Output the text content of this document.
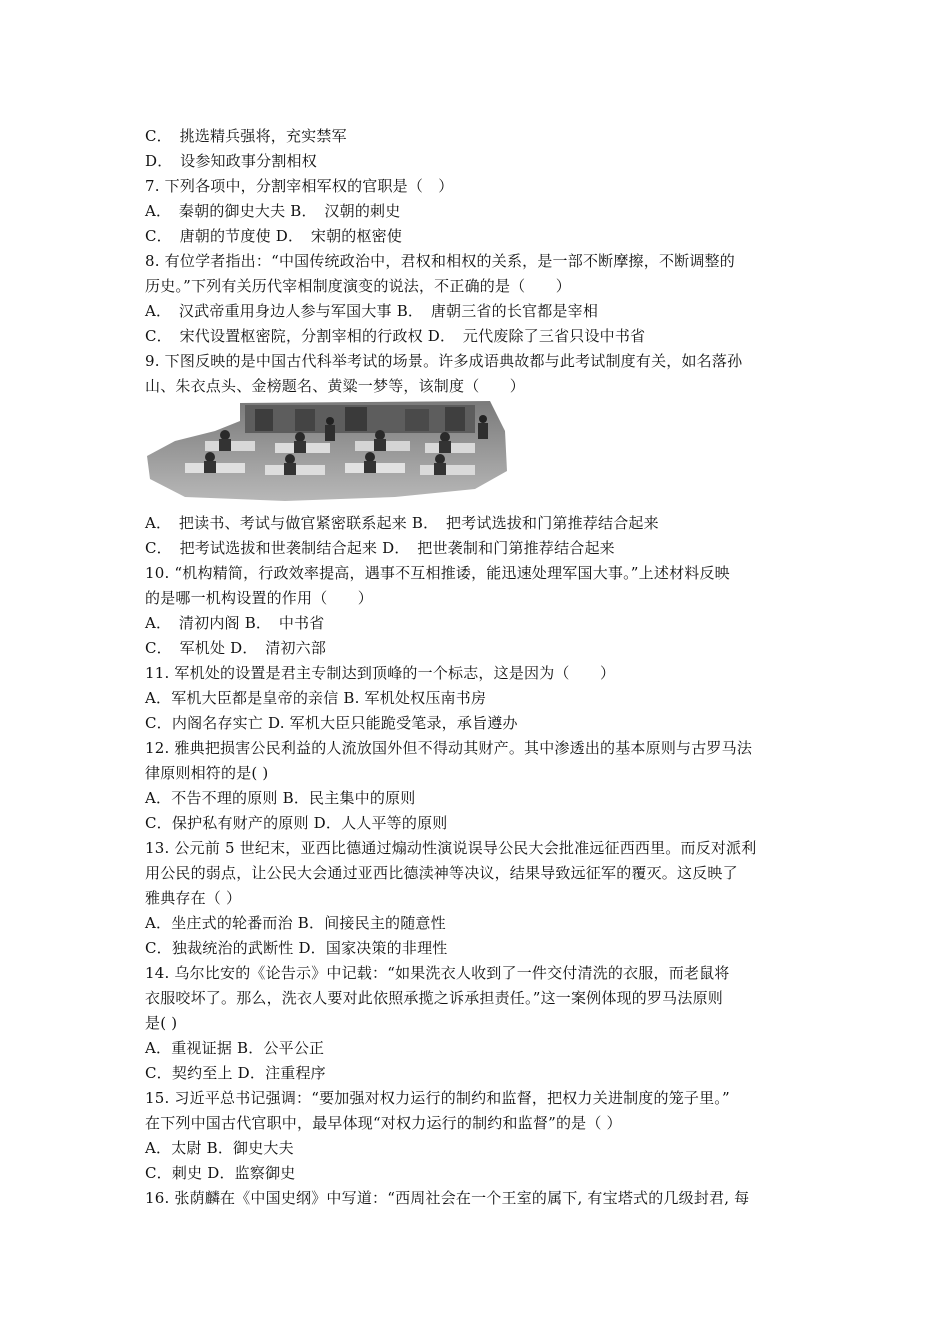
C．　挑选精兵强将，充实禁军
D．　设参知政事分割相权
7. 下列各项中，分割宰相军权的官职是（　）
A．　秦朝的御史大夫 B．　汉朝的刺史
C．　唐朝的节度使 D．　宋朝的枢密使
8. 有位学者指出：“中国传统政治中，君权和相权的关系，是一部不断摩擦，不断调整的
历史。”下列有关历代宰相制度演变的说法，不正确的是（　　）
A．　汉武帝重用身边人参与军国大事 B．　唐朝三省的长官都是宰相
C．　宋代设置枢密院，分割宰相的行政权 D．　元代废除了三省只设中书省
9. 下图反映的是中国古代科举考试的场景。许多成语典故都与此考试制度有关，如名落孙
山、朱衣点头、金榜题名、黄粱一梦等，该制度（　　）
A．　把读书、考试与做官紧密联系起来 B．　把考试选拔和门第推荐结合起来
C．　把考试选拔和世袭制结合起来 D．　把世袭制和门第推荐结合起来
10. “机构精简，行政效率提高，遇事不互相推诿，能迅速处理军国大事。”上述材料反映
的是哪一机构设置的作用（　　）
A．　清初内阁 B．　中书省
C．　军机处 D．　清初六部
11. 军机处的设置是君主专制达到顶峰的一个标志，这是因为（　　）
A．军机大臣都是皇帝的亲信 B. 军机处权压南书房
C．内阁名存实亡 D. 军机大臣只能跪受笔录，承旨遵办
12. 雅典把损害公民利益的人流放国外但不得动其财产。其中渗透出的基本原则与古罗马法
律原则相符的是( )
A．不告不理的原则 B．民主集中的原则
C．保护私有财产的原则 D．人人平等的原则
13. 公元前 5 世纪末，亚西比德通过煽动性演说误导公民大会批准远征西西里。而反对派利
用公民的弱点，让公民大会通过亚西比德渎神等决议，结果导致远征军的覆灭。这反映了
雅典存在（ ）
A．坐庄式的轮番而治 B．间接民主的随意性
C．独裁统治的武断性 D．国家决策的非理性
14. 乌尔比安的《论告示》中记载：“如果洗衣人收到了一件交付清洗的衣服，而老鼠将
衣服咬坏了。那么，洗衣人要对此依照承揽之诉承担责任。”这一案例体现的罗马法原则
是( )
A．重视证据 B．公平公正
C．契约至上 D．注重程序
15. 习近平总书记强调：“要加强对权力运行的制约和监督，把权力关进制度的笼子里。”
在下列中国古代官职中，最早体现“对权力运行的制约和监督”的是（ ）
A．太尉 B．御史大夫
C．刺史 D．监察御史
16. 张荫麟在《中国史纲》中写道：“西周社会在一个王室的属下, 有宝塔式的几级封君, 每
